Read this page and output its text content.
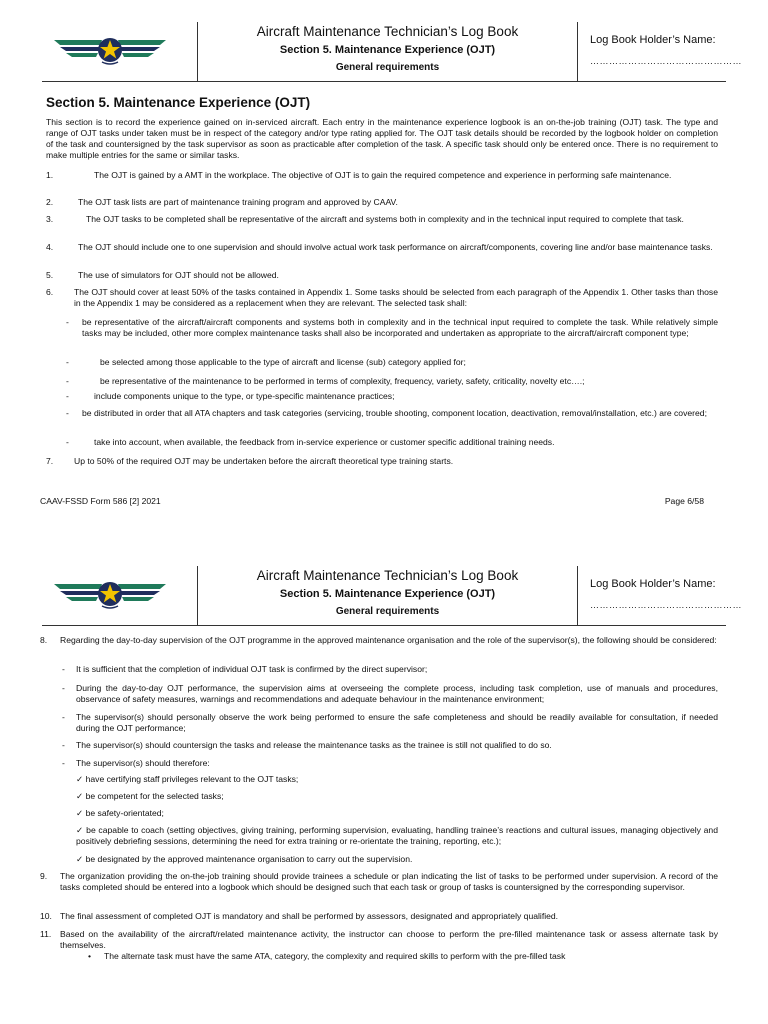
Aircraft Maintenance Technician’s Log Book
Section 5. Maintenance Experience (OJT)
General requirements
Log Book Holder’s Name:
…………………………………………
Section 5. Maintenance Experience (OJT)
This section is to record the experience gained on in-serviced aircraft. Each entry in the maintenance experience logbook is an on-the-job training (OJT) task. The type and range of OJT tasks under taken must be in respect of the category and/or type rating applied for. The OJT task details should be recorded by the logbook holder on completion of the task and countersigned by the task supervisor as soon as practicable after completion of the task. A specific task should only be entered once. There is no requirement to make multiple entries for the same or similar tasks.
1.	The OJT is gained by a AMT in the workplace. The objective of OJT is to gain the required competence and experience in performing safe maintenance.
2.	The OJT task lists are part of maintenance training program and approved by CAAV.
3.	The OJT tasks to be completed shall be representative of the aircraft and systems both in complexity and in the technical input required to complete that task.
4.	The OJT should include one to one supervision and should involve actual work task performance on aircraft/components, covering line and/or base maintenance tasks.
5.	The use of simulators for OJT should not be allowed.
6. The OJT should cover at least 50% of the tasks contained in Appendix 1. Some tasks should be selected from each paragraph of the Appendix 1. Other tasks than those in the Appendix 1 may be considered as a replacement when they are relevant. The selected task shall:
- be representative of the aircraft/aircraft components and systems both in complexity and in the technical input required to complete the task. While relatively simple tasks may be included, other more complex maintenance tasks shall also be incorporated and undertaken as appropriate to the aircraft/aircraft component type;
-	be selected among those applicable to the type of aircraft and license (sub) category applied for;
-	be representative of the maintenance to be performed in terms of complexity, frequency, variety, safety, criticality, novelty etc….;
-	include components unique to the type, or type-specific maintenance practices;
- be distributed in order that all ATA chapters and task categories (servicing, trouble shooting, component location, deactivation, removal/installation, etc.) are covered;
-	take into account, when available, the feedback from in-service experience or customer specific additional training needs.
7. Up to 50% of the required OJT may be undertaken before the aircraft theoretical type training starts.
CAAV-FSSD Form 586 [2] 2021	Page 6/58
Aircraft Maintenance Technician’s Log Book
Section 5. Maintenance Experience (OJT)
General requirements
Log Book Holder’s Name:
…………………………………………
8. Regarding the day-to-day supervision of the OJT programme in the approved maintenance organisation and the role of the supervisor(s), the following should be considered:
- It is sufficient that the completion of individual OJT task is confirmed by the direct supervisor;
- During the day-to-day OJT performance, the supervision aims at overseeing the complete process, including task completion, use of manuals and procedures, observance of safety measures, warnings and recommendations and adequate behaviour in the maintenance environment;
- The supervisor(s) should personally observe the work being performed to ensure the safe completeness and should be readily available for consultation, if needed during the OJT performance;
- The supervisor(s) should countersign the tasks and release the maintenance tasks as the trainee is still not qualified to do so.
- The supervisor(s) should therefore:
✓ have certifying staff privileges relevant to the OJT tasks;
✓ be competent for the selected tasks;
✓ be safety-orientated;
✓ be capable to coach (setting objectives, giving training, performing supervision, evaluating, handling trainee’s reactions and cultural issues, managing objectively and positively debriefing sessions, determining the need for extra training or re-orientate the training, reporting, etc.);
✓ be designated by the approved maintenance organisation to carry out the supervision.
9. The organization providing the on-the-job training should provide trainees a schedule or plan indicating the list of tasks to be performed under supervision. A record of the tasks completed should be entered into a logbook which should be designed such that each task or group of tasks is countersigned by the corresponding supervisor.
10. The final assessment of completed OJT is mandatory and shall be performed by assessors, designated and appropriately qualified.
11. Based on the availability of the aircraft/related maintenance activity, the instructor can choose to perform the pre-filled maintenance task or assess alternate task by themselves.
• The alternate task must have the same ATA, category, the complexity and required skills to perform with the pre-filled task
